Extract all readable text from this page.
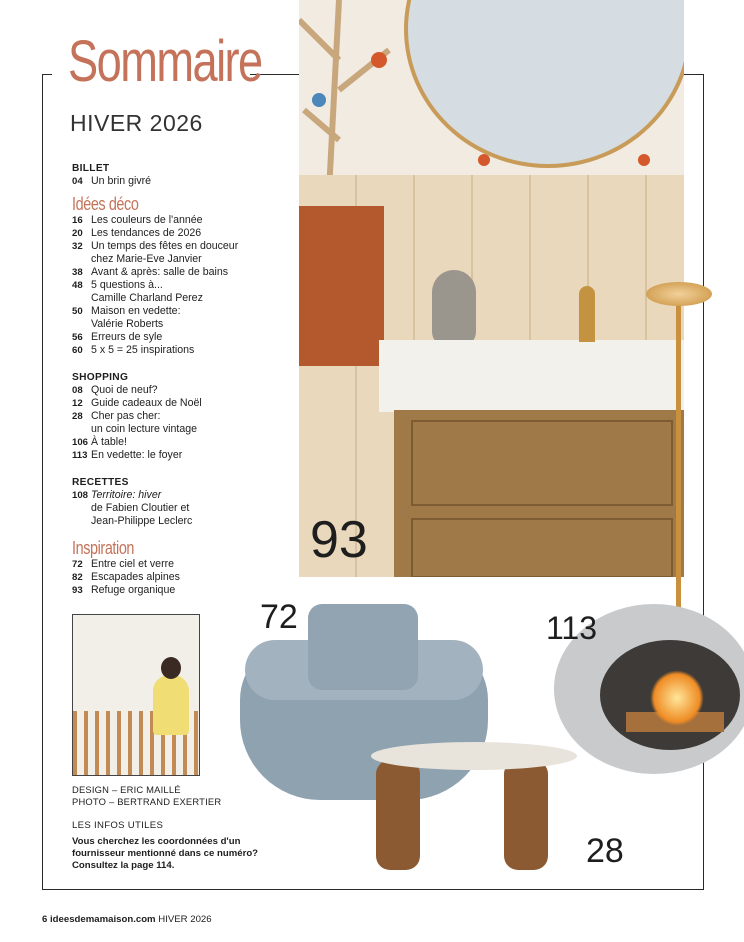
Sommaire
HIVER 2026
BILLET
04 Un brin givré
Idées déco
16 Les couleurs de l'année
20 Les tendances de 2026
32 Un temps des fêtes en douceur
chez Marie-Eve Janvier
38 Avant & après: salle de bains
48 5 questions à...
Camille Charland Perez
50 Maison en vedette:
Valérie Roberts
56 Erreurs de syle
60 5 x 5 = 25 inspirations
SHOPPING
08 Quoi de neuf?
12 Guide cadeaux de Noël
28 Cher pas cher:
un coin lecture vintage
106 À table!
113 En vedette: le foyer
RECETTES
108 Territoire: hiver
de Fabien Cloutier et
Jean-Philippe Leclerc
Inspiration
72 Entre ciel et verre
82 Escapades alpines
93 Refuge organique
93
72	113
28
DESIGN – ERIC MAILLÉ
PHOTO – BERTRAND EXERTIER
LES INFOS UTILES
Vous cherchez les coordonnées d'un
fournisseur mentionné dans ce numéro?
Consultez la page 114.
6 ideesdemamaison.com HIVER 2026
